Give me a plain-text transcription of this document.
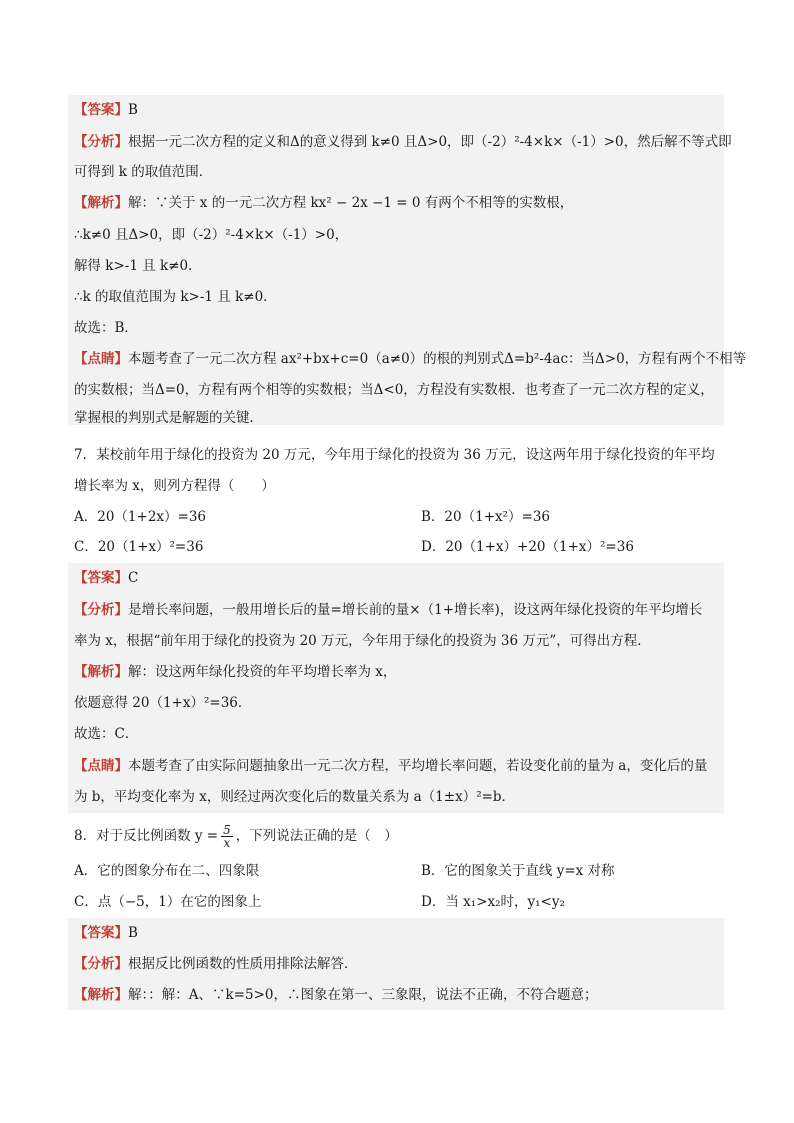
【答案】B
【分析】根据一元二次方程的定义和Δ的意义得到 k≠0 且Δ>0，即（-2）²-4×k×（-1）>0，然后解不等式即
可得到 k 的取值范围．
【解析】解：∵关于 x 的一元二次方程 kx² − 2x −1 = 0 有两个不相等的实数根，
∴k≠0 且Δ>0，即（-2）²-4×k×（-1）>0，
解得 k>-1 且 k≠0．
∴k 的取值范围为 k>-1 且 k≠0．
故选：B．
【点睛】本题考查了一元二次方程 ax²+bx+c=0（a≠0）的根的判别式Δ=b²-4ac：当Δ>0，方程有两个不相等
的实数根；当Δ=0，方程有两个相等的实数根；当Δ<0，方程没有实数根．也考查了一元二次方程的定义，
掌握根的判别式是解题的关键．
7．某校前年用于绿化的投资为 20 万元，今年用于绿化的投资为 36 万元，设这两年用于绿化投资的年平均
增长率为 x，则列方程得（　　）
A．20（1+2x）=36	B．20（1+x²）=36
C．20（1+x）²=36	D．20（1+x）+20（1+x）²=36
【答案】C
【分析】是增长率问题，一般用增长后的量=增长前的量×（1+增长率)，设这两年绿化投资的年平均增长
率为 x，根据“前年用于绿化的投资为 20 万元，今年用于绿化的投资为 36 万元”，可得出方程．
【解析】解：设这两年绿化投资的年平均增长率为 x，
依题意得 20（1+x）²=36．
故选：C．
【点睛】本题考查了由实际问题抽象出一元二次方程，平均增长率问题，若设变化前的量为 a，变化后的量
为 b，平均变化率为 x，则经过两次变化后的数量关系为 a（1±x）²=b．
8．对于反比例函数 $y = \frac{5}{x}$ ，下列说法正确的是（　）
A．它的图象分布在二、四象限	B．它的图象关于直线 y=x 对称
C．点（−5，1）在它的图象上	D．当 x₁>x₂时，y₁<y₂
【答案】B
【分析】根据反比例函数的性质用排除法解答．
【解析】解：：解：A、∵k=5>0，∴图象在第一、三象限，说法不正确，不符合题意；
